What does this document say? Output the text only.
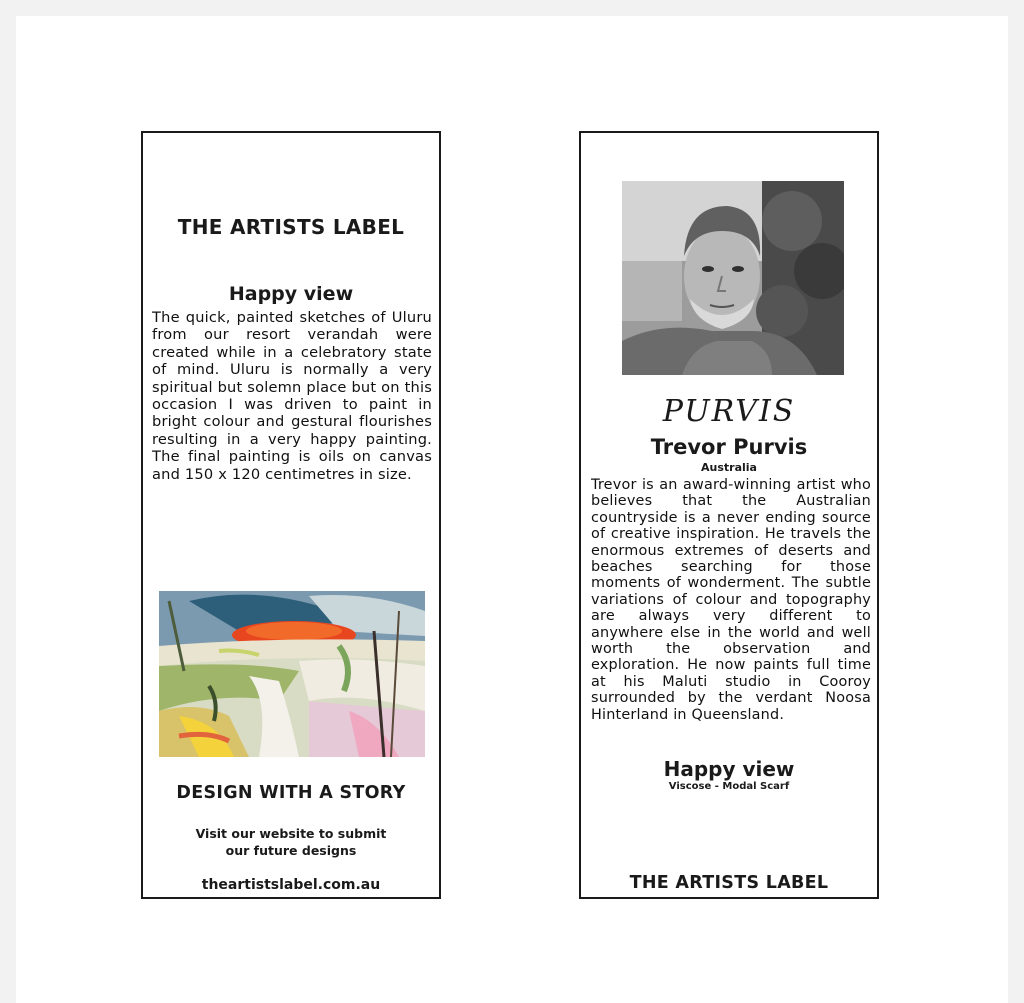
THE ARTISTS LABEL
Happy view
The quick, painted sketches of Uluru from our resort verandah were created while in a celebratory state of mind. Uluru is normally a very spiritual but solemn place but on this occasion I was driven to paint in bright colour and gestural flourishes resulting in a very happy painting. The final painting is oils on canvas and 150 x 120 centimetres in size.
DESIGN WITH A STORY
Visit our website to submit
our future designs
theartistslabel.com.au
PURVIS
Trevor Purvis
Australia
Trevor is an award-winning artist who believes that the Australian countryside is a never ending source of creative inspiration. He travels the enormous extremes of deserts and beaches searching for those moments of wonderment. The subtle variations of colour and topography are always very different to anywhere else in the world and well worth the observation and exploration. He now paints full time at his Maluti studio in Cooroy surrounded by the verdant Noosa Hinterland in Queensland.
Happy view
Viscose - Modal Scarf
THE ARTISTS LABEL
